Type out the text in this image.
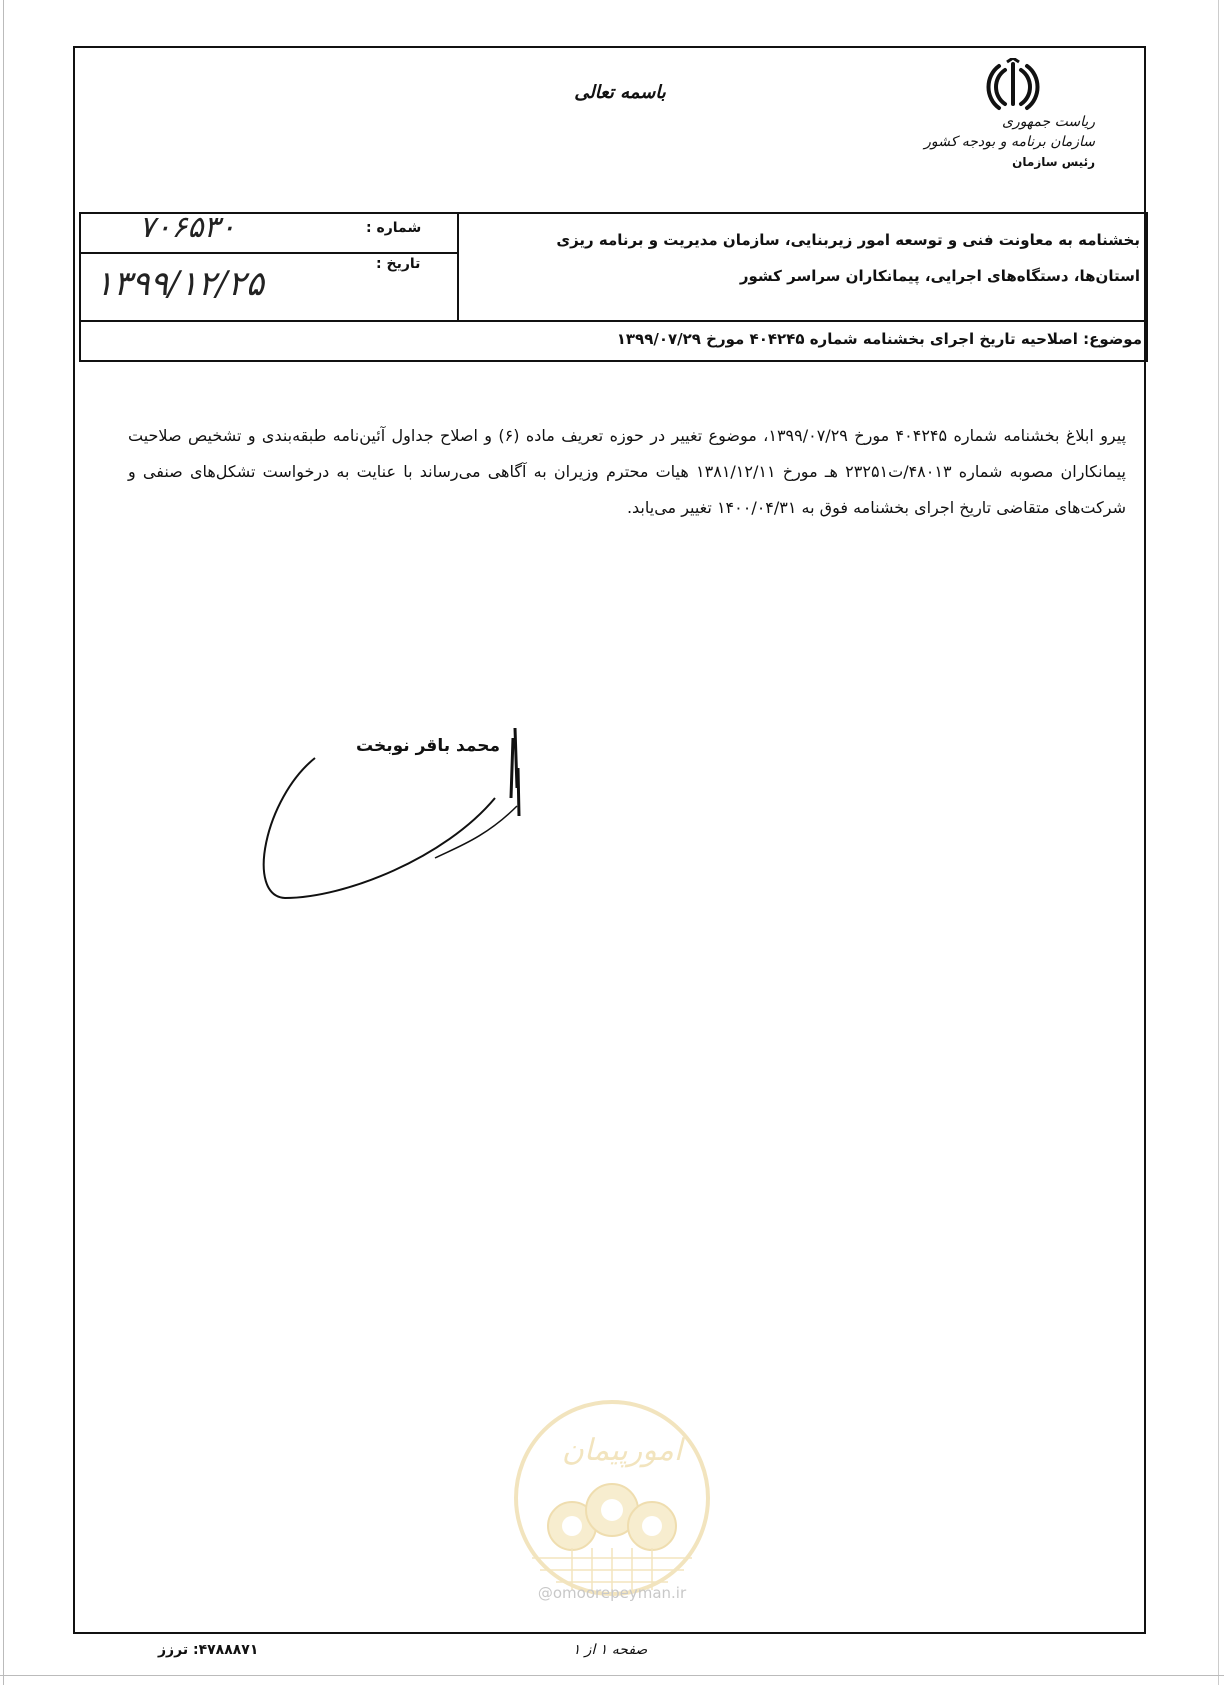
باسمه تعالی
ریاست جمهوری
سازمان برنامه و بودجه کشور
رئیس سازمان
بخشنامه به معاونت فنی و توسعه امور زیربنایی، سازمان مدیریت و برنامه ریزی
استان‌ها، دستگاه‌های اجرایی، پیمانکاران سراسر کشور
شماره :
۷۰۶۵۳۰
تاریخ :
۱۳۹۹/۱۲/۲۵
موضوع: اصلاحیه تاریخ اجرای بخشنامه شماره ۴۰۴۲۴۵ مورخ ۱۳۹۹/۰۷/۲۹

پیرو ابلاغ بخشنامه شماره ۴۰۴۲۴۵ مورخ ۱۳۹۹/۰۷/۲۹، موضوع تغییر در حوزه تعریف ماده (۶) و اصلاح جداول آئین‌نامه طبقه‌بندی و تشخیص صلاحیت پیمانکاران مصوبه شماره ۴۸۰۱۳/ت۲۳۲۵۱ هـ مورخ ۱۳۸۱/۱۲/۱۱ هیات محترم وزیران به آگاهی می‌رساند با عنایت به درخواست تشکل‌های صنفی و شرکت‌های متقاضی تاریخ اجرای بخشنامه فوق به ۱۴۰۰/۰۴/۳۱ تغییر می‌یابد.

محمد باقر نوبخت
امورپیمان
@omoorepeyman.ir
۴۷۸۸۸۷۱: ترزز	صفحه ۱ از ۱
